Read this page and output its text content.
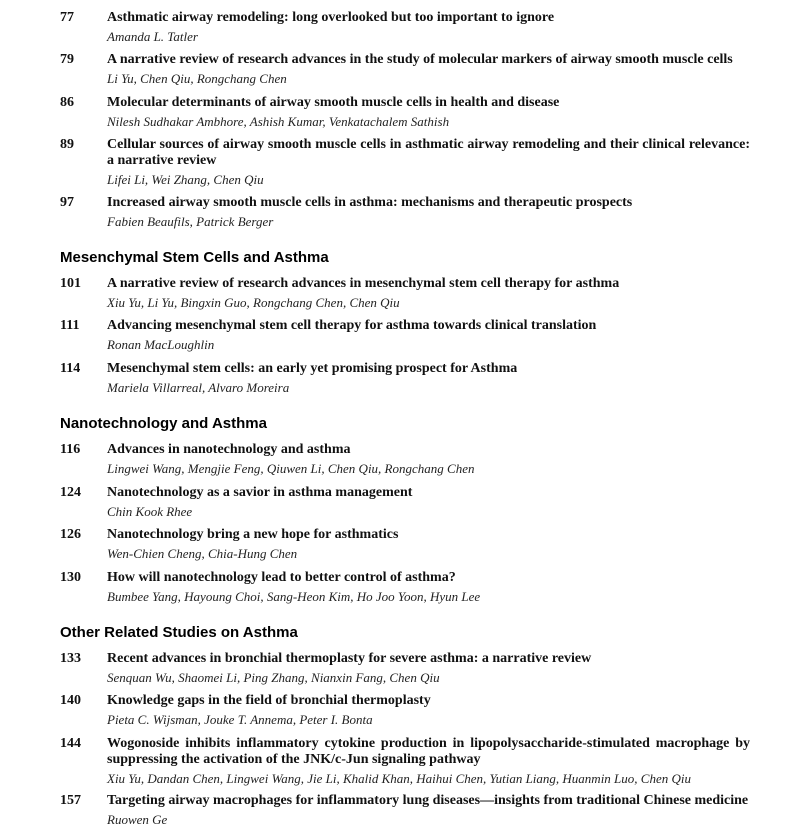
77	Asthmatic airway remodeling: long overlooked but too important to ignore
Amanda L. Tatler
79	A narrative review of research advances in the study of molecular markers of airway smooth muscle cells
Li Yu, Chen Qiu, Rongchang Chen
86	Molecular determinants of airway smooth muscle cells in health and disease
Nilesh Sudhakar Ambhore, Ashish Kumar, Venkatachalem Sathish
89	Cellular sources of airway smooth muscle cells in asthmatic airway remodeling and their clinical relevance: a narrative review
Lifei Li, Wei Zhang, Chen Qiu
97	Increased airway smooth muscle cells in asthma: mechanisms and therapeutic prospects
Fabien Beaufils, Patrick Berger
Mesenchymal Stem Cells and Asthma
101	A narrative review of research advances in mesenchymal stem cell therapy for asthma
Xiu Yu, Li Yu, Bingxin Guo, Rongchang Chen, Chen Qiu
111	Advancing mesenchymal stem cell therapy for asthma towards clinical translation
Ronan MacLoughlin
114	Mesenchymal stem cells: an early yet promising prospect for Asthma
Mariela Villarreal, Alvaro Moreira
Nanotechnology and Asthma
116	Advances in nanotechnology and asthma
Lingwei Wang, Mengjie Feng, Qiuwen Li, Chen Qiu, Rongchang Chen
124	Nanotechnology as a savior in asthma management
Chin Kook Rhee
126	Nanotechnology bring a new hope for asthmatics
Wen-Chien Cheng, Chia-Hung Chen
130	How will nanotechnology lead to better control of asthma?
Bumbee Yang, Hayoung Choi, Sang-Heon Kim, Ho Joo Yoon, Hyun Lee
Other Related Studies on Asthma
133	Recent advances in bronchial thermoplasty for severe asthma: a narrative review
Senquan Wu, Shaomei Li, Ping Zhang, Nianxin Fang, Chen Qiu
140	Knowledge gaps in the field of bronchial thermoplasty
Pieta C. Wijsman, Jouke T. Annema, Peter I. Bonta
144	Wogonoside inhibits inflammatory cytokine production in lipopolysaccharide-stimulated macrophage by suppressing the activation of the JNK/c-Jun signaling pathway
Xiu Yu, Dandan Chen, Lingwei Wang, Jie Li, Khalid Khan, Haihui Chen, Yutian Liang, Huanmin Luo, Chen Qiu
157	Targeting airway macrophages for inflammatory lung diseases—insights from traditional Chinese medicine
Ruowen Ge
